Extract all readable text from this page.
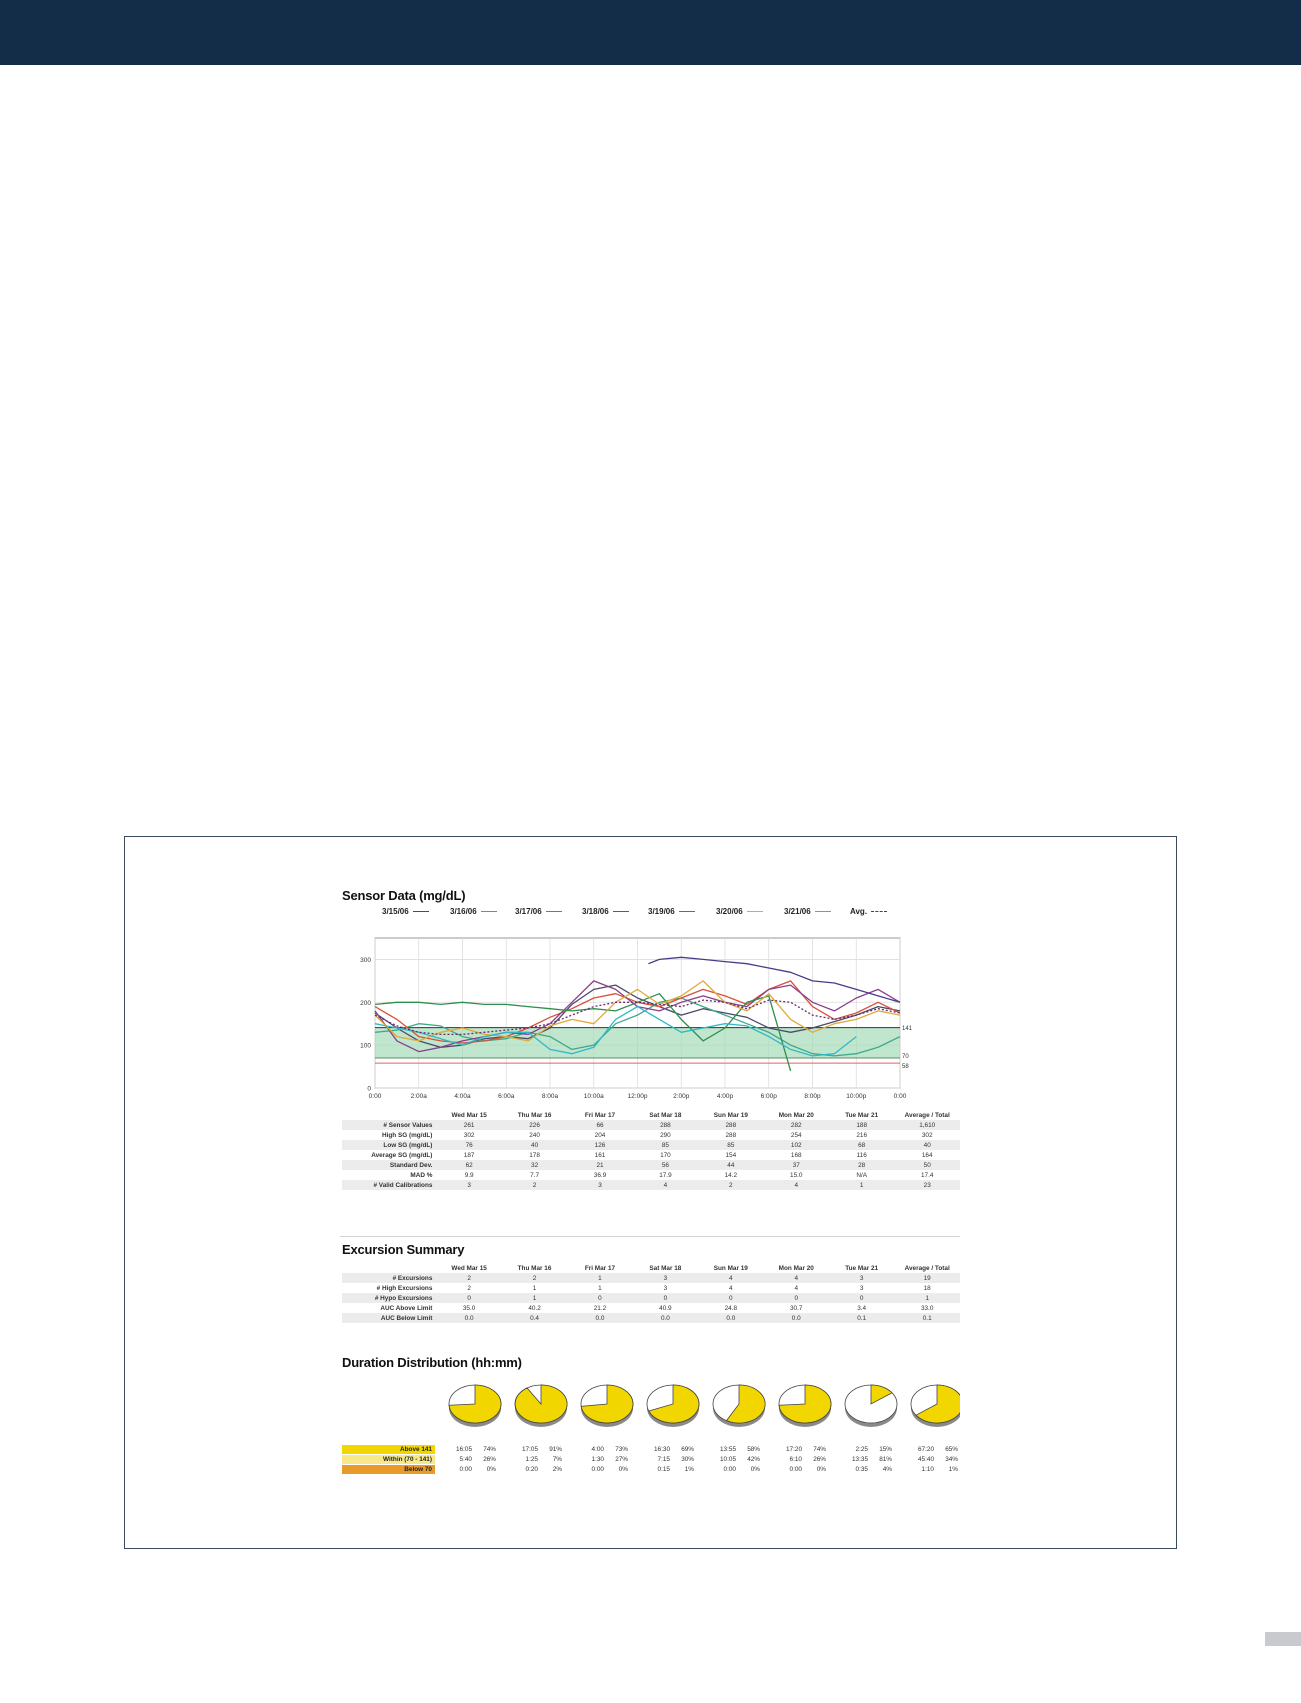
Sensor Data (mg/dL)
3/15/06	3/16/06	3/17/06	3/18/06	3/19/06	3/20/06	3/21/06	Avg.
0:00	2:00a	4:00a	6:00a	8:00a	10:00a	12:00p	2:00p	4:00p	6:00p	8:00p	10:00p	0:00
0
100
200
300
141
70
58
	Wed Mar 15	Thu Mar 16	Fri Mar 17	Sat Mar 18	Sun Mar 19	Mon Mar 20	Tue Mar 21	Average / Total
# Sensor Values	261	226	66	288	288	282	188	1,610
High SG (mg/dL)	302	240	204	290	288	254	216	302
Low SG (mg/dL)	76	40	126	85	85	102	68	40
Average SG (mg/dL)	187	178	161	170	154	168	116	164
Standard Dev.	62	32	21	56	44	37	28	50
MAD %	9.9	7.7	36.9	17.9	14.2	15.0	N/A	17.4
# Valid Calibrations	3	2	3	4	2	4	1	23
Excursion Summary
	Wed Mar 15	Thu Mar 16	Fri Mar 17	Sat Mar 18	Sun Mar 19	Mon Mar 20	Tue Mar 21	Average / Total
# Excursions	2	2	1	3	4	4	3	19
# High Excursions	2	1	1	3	4	4	3	18
# Hypo Excursions	0	1	0	0	0	0	0	1
AUC Above Limit	35.0	40.2	21.2	40.9	24.8	30.7	3.4	33.0
AUC Below Limit	0.0	0.4	0.0	0.0	0.0	0.0	0.1	0.1
Duration Distribution (hh:mm)
Above 141	16:05	74%	17:05	91%	4:00	73%	16:30	69%	13:55	58%	17:20	74%	2:25	15%	67:20	65%
Within (70 - 141)	5:40	26%	1:25	7%	1:30	27%	7:15	30%	10:05	42%	6:10	26%	13:35	81%	45:40	34%
Below 70	0:00	0%	0:20	2%	0:00	0%	0:15	1%	0:00	0%	0:00	0%	0:35	4%	1:10	1%
